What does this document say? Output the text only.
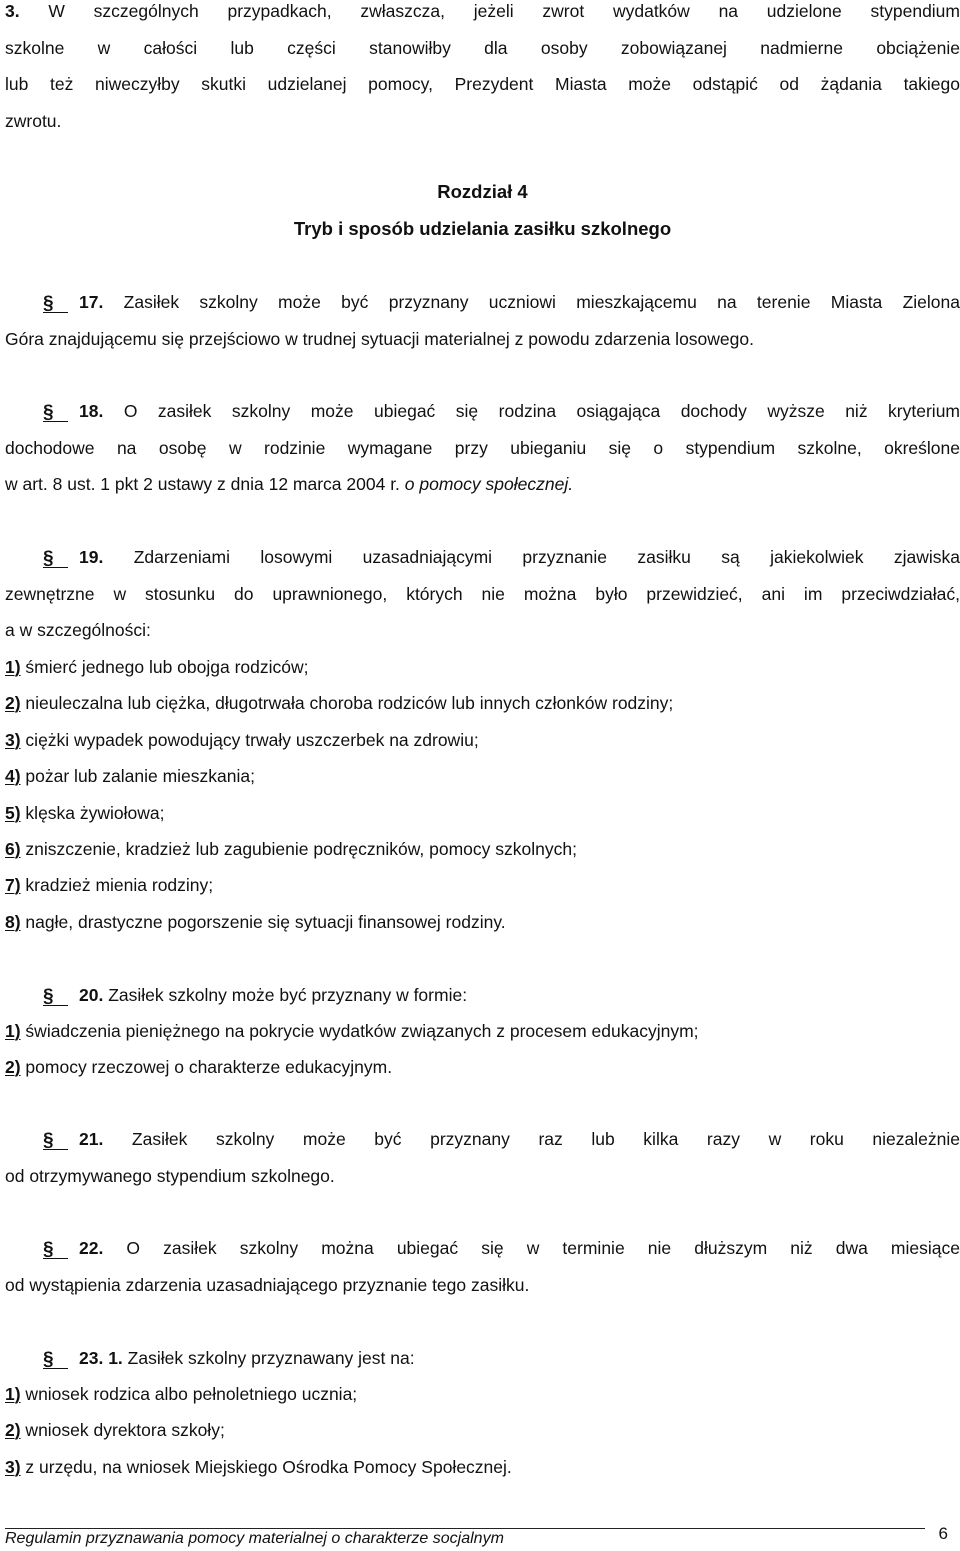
3. W szczególnych przypadkach, zwłaszcza, jeżeli zwrot wydatków na udzielone stypendium
szkolne w całości lub części stanowiłby dla osoby zobowiązanej nadmierne obciążenie
lub też niweczyłby skutki udzielanej pomocy, Prezydent Miasta może odstąpić od żądania takiego
zwrotu.
Rozdział 4
Tryb i sposób udzielania zasiłku szkolnego
§17. Zasiłek szkolny może być przyznany uczniowi mieszkającemu na terenie Miasta Zielona
Góra znajdującemu się przejściowo w trudnej sytuacji materialnej z powodu zdarzenia losowego.
§18. O zasiłek szkolny może ubiegać się rodzina osiągająca dochody wyższe niż kryterium
dochodowe na osobę w rodzinie wymagane przy ubieganiu się o stypendium szkolne, określone
w art. 8 ust. 1 pkt 2 ustawy z dnia 12 marca 2004 r. o pomocy społecznej.
§19. Zdarzeniami losowymi uzasadniającymi przyznanie zasiłku są jakiekolwiek zjawiska
zewnętrzne w stosunku do uprawnionego, których nie można było przewidzieć, ani im przeciwdziałać,
a w szczególności:
1) śmierć jednego lub obojga rodziców;
2) nieuleczalna lub ciężka, długotrwała choroba rodziców lub innych członków rodziny;
3) ciężki wypadek powodujący trwały uszczerbek na zdrowiu;
4) pożar lub zalanie mieszkania;
5) klęska żywiołowa;
6) zniszczenie, kradzież lub zagubienie podręczników, pomocy szkolnych;
7) kradzież mienia rodziny;
8) nagłe, drastyczne pogorszenie się sytuacji finansowej rodziny.
§20. Zasiłek szkolny może być przyznany w formie:
1) świadczenia pieniężnego na pokrycie wydatków związanych z procesem edukacyjnym;
2) pomocy rzeczowej o charakterze edukacyjnym.
§21. Zasiłek szkolny może być przyznany raz lub kilka razy w roku niezależnie
od otrzymywanego stypendium szkolnego.
§22. O zasiłek szkolny można ubiegać się w terminie nie dłuższym niż dwa miesiące
od wystąpienia zdarzenia uzasadniającego przyznanie tego zasiłku.
§23. 1. Zasiłek szkolny przyznawany jest na:
1) wniosek rodzica albo pełnoletniego ucznia;
2) wniosek dyrektora szkoły;
3) z urzędu, na wniosek Miejskiego Ośrodka Pomocy Społecznej.
Regulamin przyznawania pomocy materialnej o charakterze socjalnym	6
